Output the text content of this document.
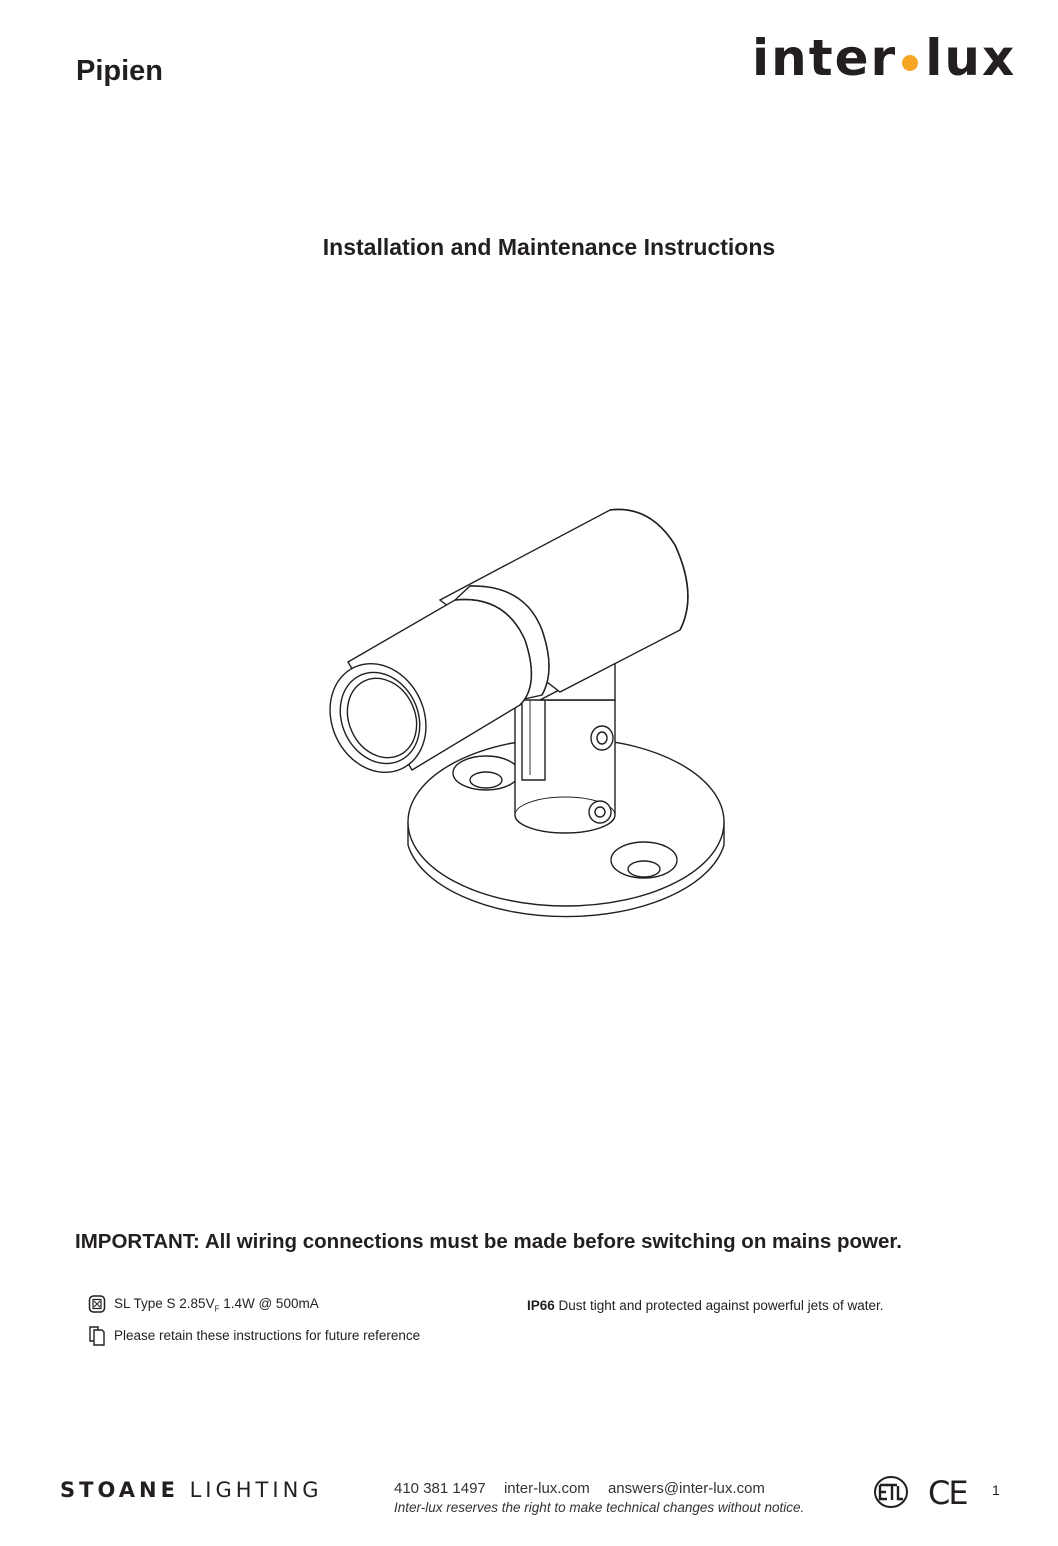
Pipien	inter lux
Installation and Maintenance Instructions
IMPORTANT: All wiring connections must be made before switching on mains power.
SL Type S $2.85V_F$ 1.4W @ 500mA
Please retain these instructions for future reference
IP66 Dust tight and protected against powerful jets of water.
STOANE LIGHTING	410 381 1497 inter-lux.com answers@inter-lux.com
Inter-lux reserves the right to make technical changes without notice.	CE 1
